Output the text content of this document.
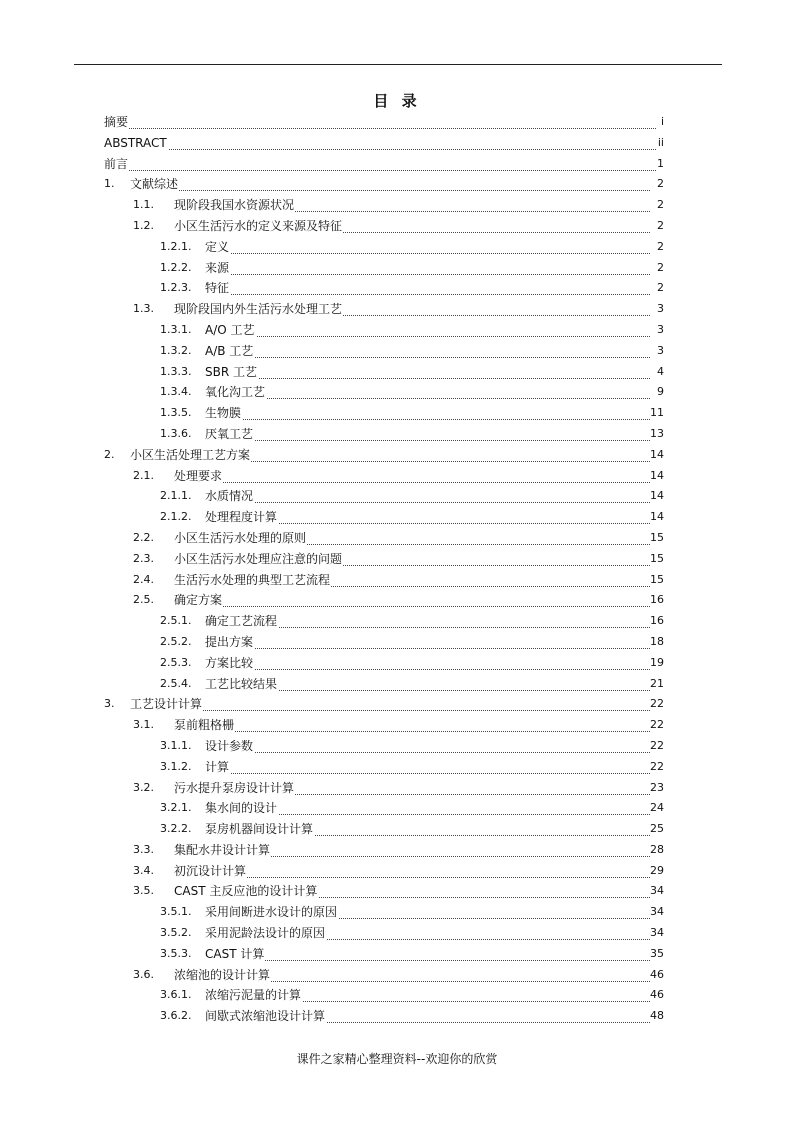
目 录
摘要	i
ABSTRACT	ii
前言	1
1. 文献综述	2
1.1. 现阶段我国水资源状况	2
1.2. 小区生活污水的定义来源及特征	2
1.2.1. 定义	2
1.2.2. 来源	2
1.2.3. 特征	2
1.3. 现阶段国内外生活污水处理工艺	3
1.3.1. A/O 工艺	3
1.3.2. A/B 工艺	3
1.3.3. SBR 工艺	4
1.3.4. 氧化沟工艺	9
1.3.5. 生物膜	11
1.3.6. 厌氧工艺	13
2. 小区生活处理工艺方案	14
2.1. 处理要求	14
2.1.1. 水质情况	14
2.1.2. 处理程度计算	14
2.2. 小区生活污水处理的原则	15
2.3. 小区生活污水处理应注意的问题	15
2.4. 生活污水处理的典型工艺流程	15
2.5. 确定方案	16
2.5.1. 确定工艺流程	16
2.5.2. 提出方案	18
2.5.3. 方案比较	19
2.5.4. 工艺比较结果	21
3. 工艺设计计算	22
3.1. 泵前粗格栅	22
3.1.1. 设计参数	22
3.1.2. 计算	22
3.2. 污水提升泵房设计计算	23
3.2.1. 集水间的设计	24
3.2.2. 泵房机器间设计计算	25
3.3. 集配水井设计计算	28
3.4. 初沉设计计算	29
3.5. CAST 主反应池的设计计算	34
3.5.1. 采用间断进水设计的原因	34
3.5.2. 采用泥龄法设计的原因	34
3.5.3. CAST 计算	35
3.6. 浓缩池的设计计算	46
3.6.1. 浓缩污泥量的计算	46
3.6.2. 间歇式浓缩池设计计算	48
课件之家精心整理资料--欢迎你的欣赏
